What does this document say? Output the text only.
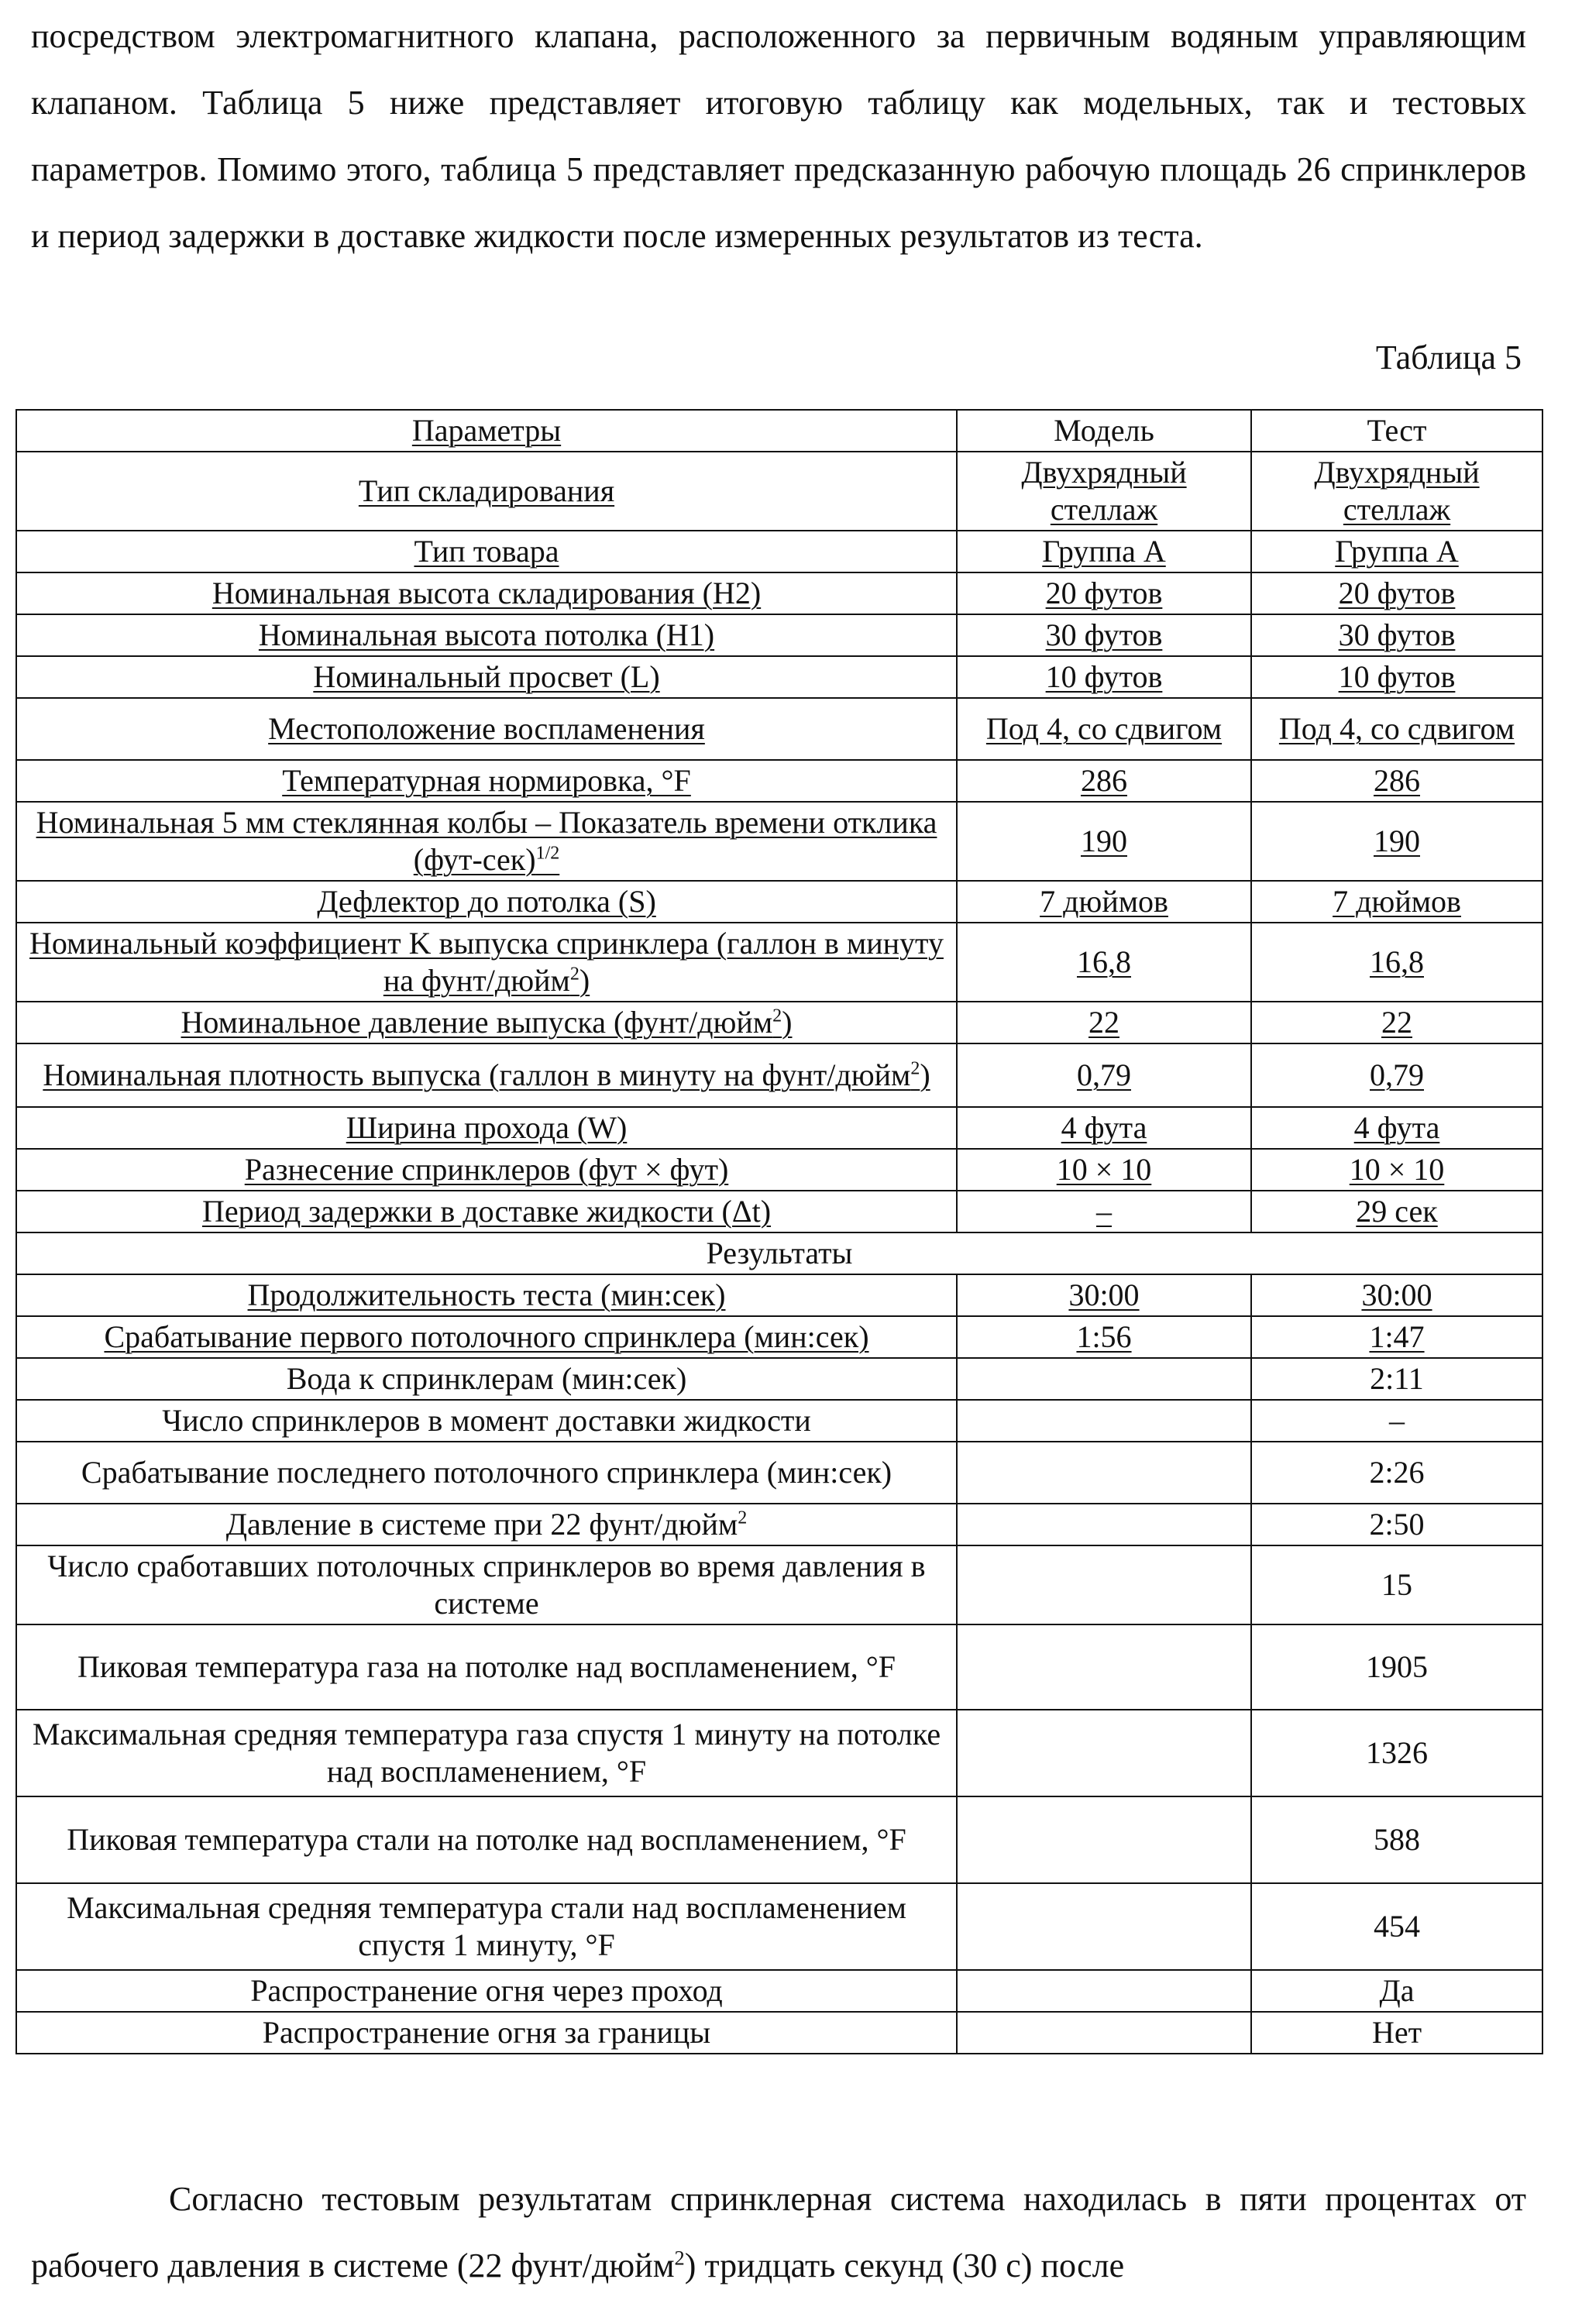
посредством электромагнитного клапана, расположенного за первичным водяным управляющим клапаном. Таблица 5 ниже представляет итоговую таблицу как модельных, так и тестовых параметров. Помимо этого, таблица 5 представляет предсказанную рабочую площадь 26 спринклеров и период задержки в доставке жидкости после измеренных результатов из теста.

Таблица 5
Параметры	Модель	Тест
Тип складирования	Двухрядный стеллаж	Двухрядный стеллаж
Тип товара	Группа A	Группа A
Номинальная высота складирования (H2)	20 футов	20 футов
Номинальная высота потолка (H1)	30 футов	30 футов
Номинальный просвет (L)	10 футов	10 футов
Местоположение воспламенения	Под 4, со сдвигом	Под 4, со сдвигом
Температурная нормировка, °F	286	286
Номинальная 5 мм стеклянная колбы – Показатель времени отклика $(фут-сек)^{1/2}$	190	190
Дефлектор до потолка (S)	7 дюймов	7 дюймов
Номинальный коэффициент K выпуска спринклера (галлон в минуту на фунт/дюйм$^2$)	16,8	16,8
Номинальное давление выпуска (фунт/дюйм$^2$)	22	22
Номинальная плотность выпуска (галлон в минуту на фунт/дюйм$^2$)	0,79	0,79
Ширина прохода (W)	4 фута	4 фута
Разнесение спринклеров (фут × фут)	10 × 10	10 × 10
Период задержки в доставке жидкости (Δt)	–	29 сек
Результаты		
Продолжительность теста (мин:сек)	30:00	30:00
Срабатывание первого потолочного спринклера (мин:сек)	1:56	1:47
Вода к спринклерам (мин:сек)		2:11
Число спринклеров в момент доставки жидкости		–
Срабатывание последнего потолочного спринклера (мин:сек)		2:26
Давление в системе при 22 фунт/дюйм$^2$		2:50
Число сработавших потолочных спринклеров во время давления в системе		15
Пиковая температура газа на потолке над воспламенением, °F		1905
Максимальная средняя температура газа спустя 1 минуту на потолке над воспламенением, °F		1326
Пиковая температура стали на потолке над воспламенением, °F		588
Максимальная средняя температура стали над воспламенением спустя 1 минуту, °F		454
Распространение огня через проход		Да
Распространение огня за границы		Нет

Согласно тестовым результатам спринклерная система находилась в пяти процентах от рабочего давления в системе (22 фунт/дюйм$^2$) тридцать секунд (30 с) после
